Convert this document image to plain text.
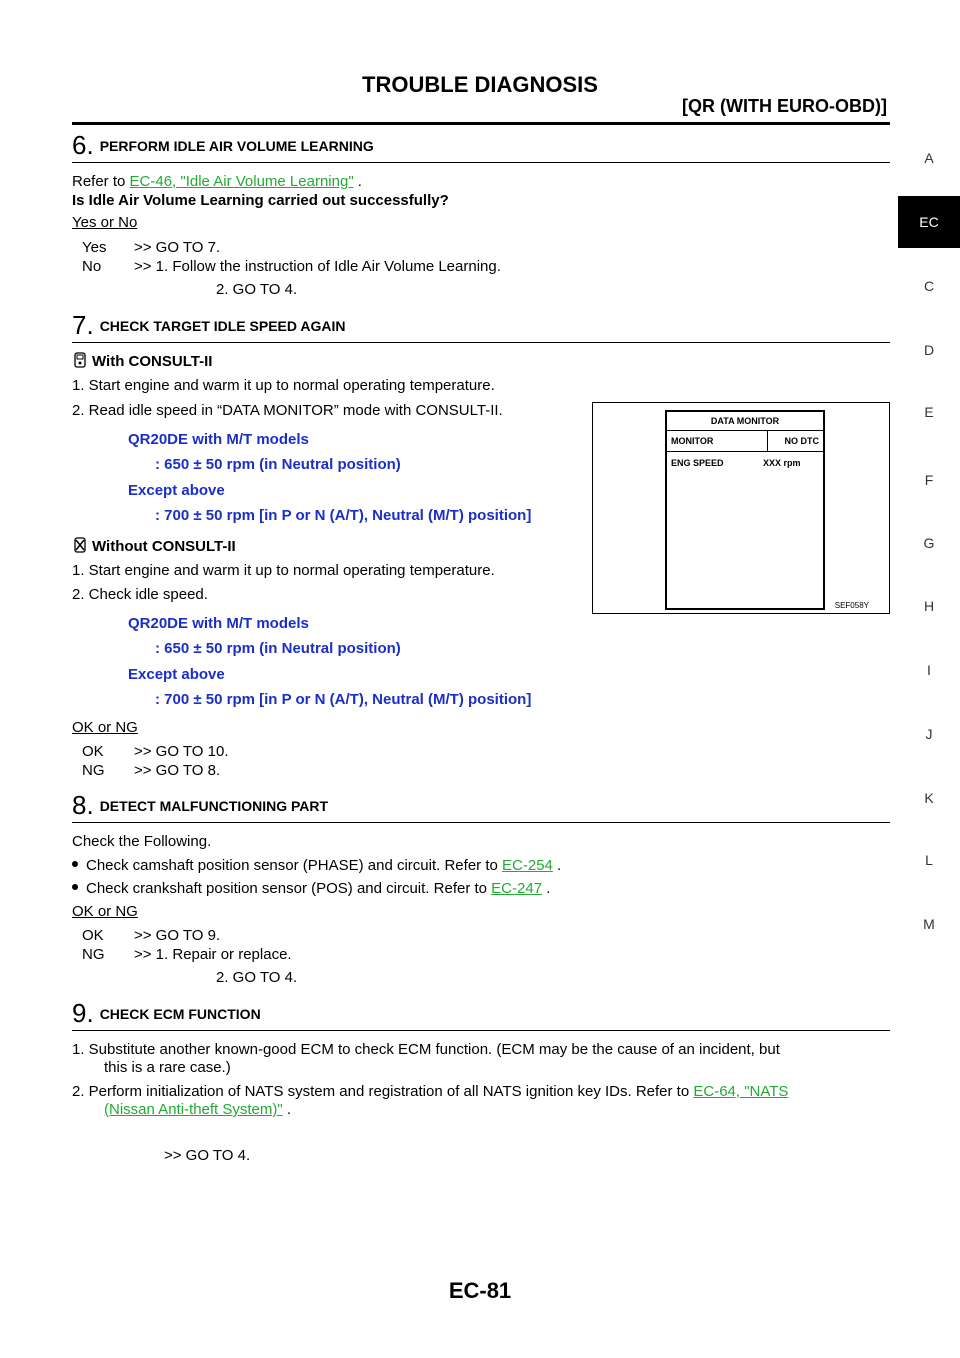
TROUBLE DIAGNOSIS
[QR (WITH EURO-OBD)]
A
EC
C
D
E
F
G
H
I
J
K
L
M
6. PERFORM IDLE AIR VOLUME LEARNING
Refer to EC-46, "Idle Air Volume Learning" .
Is Idle Air Volume Learning carried out successfully?
Yes or No
Yes	>> GO TO 7.
No	>> 1. Follow the instruction of Idle Air Volume Learning.
	2. GO TO 4.
7. CHECK TARGET IDLE SPEED AGAIN
With CONSULT-II
1. Start engine and warm it up to normal operating temperature.
2. Read idle speed in “DATA MONITOR” mode with CONSULT-II.
QR20DE with M/T models
: 650 ± 50 rpm (in Neutral position)
Except above
: 700 ± 50 rpm [in P or N (A/T), Neutral (M/T) position]
Without CONSULT-II
1. Start engine and warm it up to normal operating temperature.
2. Check idle speed.
QR20DE with M/T models
: 650 ± 50 rpm (in Neutral position)
Except above
: 700 ± 50 rpm [in P or N (A/T), Neutral (M/T) position]
OK or NG
OK	>> GO TO 10.
NG	>> GO TO 8.
DATA MONITOR
MONITOR	NO DTC
ENG SPEED	XXX rpm
SEF058Y
8. DETECT MALFUNCTIONING PART
Check the Following.
Check camshaft position sensor (PHASE) and circuit. Refer to EC-254 .
Check crankshaft position sensor (POS) and circuit. Refer to EC-247 .
OK or NG
OK	>> GO TO 9.
NG	>> 1. Repair or replace.
	2. GO TO 4.
9. CHECK ECM FUNCTION
1. Substitute another known-good ECM to check ECM function. (ECM may be the cause of an incident, but
this is a rare case.)
2. Perform initialization of NATS system and registration of all NATS ignition key IDs. Refer to EC-64, "NATS
(Nissan Anti-theft System)" .
>> GO TO 4.
EC-81
